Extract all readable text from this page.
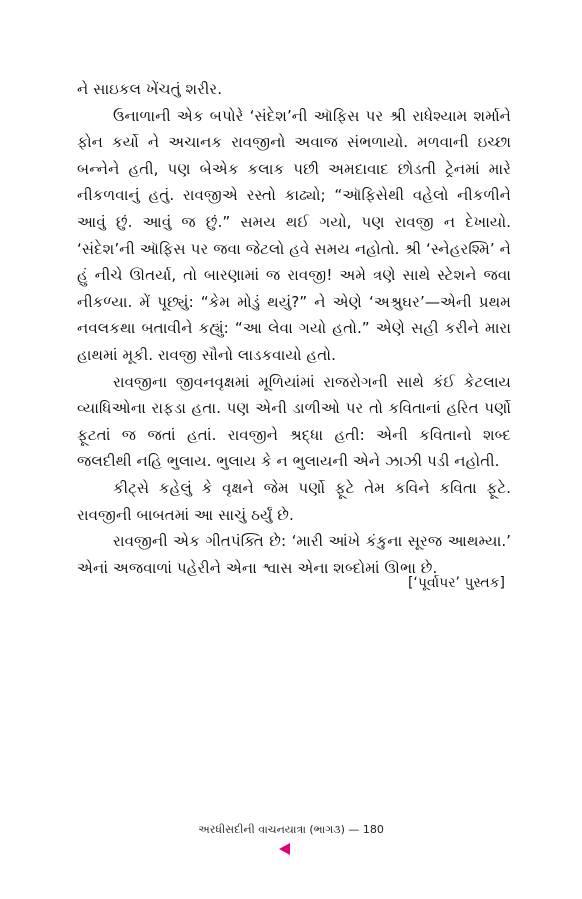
ને સાઇકલ ખેંચતું શરીર.

ઉનાળાની એક બપોરે ‘સંદેશ’ની ઑફિસ પર શ્રી રાધેશ્યામ શર્માને ફોન કર્યો ને અચાનક રાવજીનો અવાજ સંભળાયો. મળવાની ઇચ્છા બન્નેને હતી, પણ બેએક કલાક પછી અમદાવાદ છોડતી ટ્રેનમાં મારે નીકળવાનું હતું. રાવજીએ રસ્તો કાઢ્યો; “ઑફિસેથી વહેલો નીકળીને આવું છું. આવું જ છું.” સમય થઈ ગયો, પણ રાવજી ન દેખાયો. ‘સંદેશ’ની ઑફિસ પર જવા જેટલો હવે સમય નહોતો. શ્રી ‘સ્નેહરશ્મિ’ ને હું નીચે ઊતર્યા, તો બારણામાં જ રાવજી! અમે ત્રણે સાથે સ્ટેશને જવા નીકળ્યા. મેં પૂછ્યું: “કેમ મોડું થયું?” ને એણે ‘અશ્રુઘર’—એની પ્રથમ નવલકથા બતાવીને કહ્યું: “આ લેવા ગયો હતો.” એણે સહી કરીને મારા હાથમાં મૂકી. રાવજી સૌનો લાડકવાયો હતો.

રાવજીના જીવનવૃક્ષમાં મૂળિયાંમાં રાજરોગની સાથે કંઈ કેટલાય વ્યાધિઓના રાફડા હતા. પણ એની ડાળીઓ પર તો કવિતાનાં હરિત પર્ણો ફૂટતાં જ જતાં હતાં. રાવજીને શ્રદ્ધા હતી: એની કવિતાનો શબ્દ જલદીથી નહિ ભુલાય. ભુલાય કે ન ભુલાયની એને ઝાઝી પડી નહોતી.

કીટ્સે કહેલું કે વૃક્ષને જેમ પર્ણો ફૂટે તેમ કવિને કવિતા ફૂટે. રાવજીની બાબતમાં આ સાચું ઠર્યું છે.

રાવજીની એક ગીતપંક્તિ છે: ‘મારી આંખે કંકુના સૂરજ આથમ્યા.’ એનાં અજવાળાં પહેરીને એના શ્વાસ એના શબ્દોમાં ઊભા છે.

[‘પૂર્વાપર’ પુસ્તક]
અરધીસદીની વાચનયાત્રા (ભાગ૩) — 180
